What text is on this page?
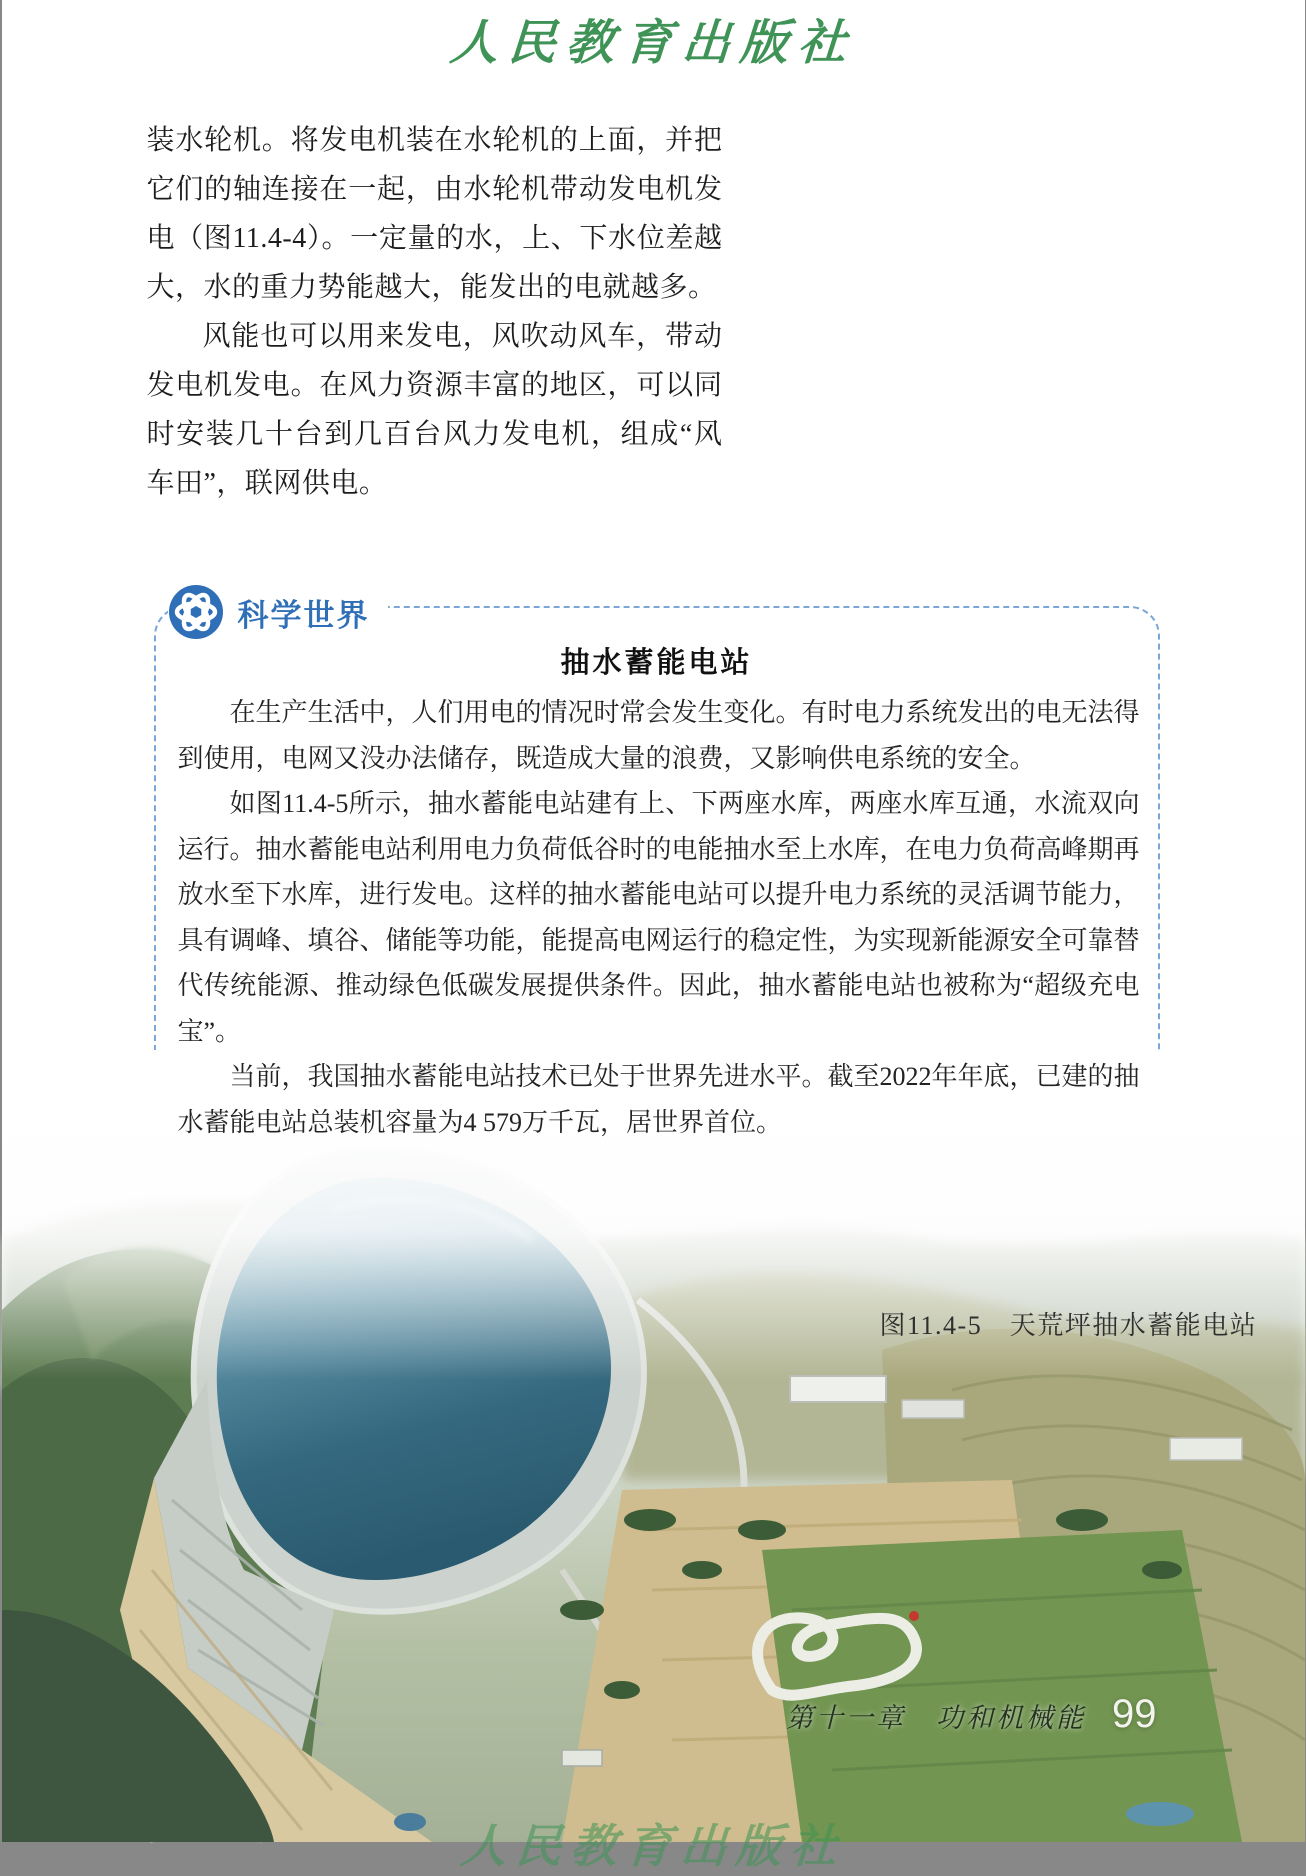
人民教育出版社

装水轮机。将发电机装在水轮机的上面，并把它们的轴连接在一起，由水轮机带动发电机发电（图11.4-4）。一定量的水，上、下水位差越大，水的重力势能越大，能发出的电就越多。

风能也可以用来发电，风吹动风车，带动发电机发电。在风力资源丰富的地区，可以同时安装几十台到几百台风力发电机，组成“风车田”，联网供电。

科学世界
抽水蓄能电站

在生产生活中，人们用电的情况时常会发生变化。有时电力系统发出的电无法得到使用，电网又没办法储存，既造成大量的浪费，又影响供电系统的安全。

如图11.4-5所示，抽水蓄能电站建有上、下两座水库，两座水库互通，水流双向运行。抽水蓄能电站利用电力负荷低谷时的电能抽水至上水库，在电力负荷高峰期再放水至下水库，进行发电。这样的抽水蓄能电站可以提升电力系统的灵活调节能力，具有调峰、填谷、储能等功能，能提高电网运行的稳定性，为实现新能源安全可靠替代传统能源、推动绿色低碳发展提供条件。因此，抽水蓄能电站也被称为“超级充电宝”。

当前，我国抽水蓄能电站技术已处于世界先进水平。截至2022年年底，已建的抽水蓄能电站总装机容量为4 579万千瓦，居世界首位。

图11.4-5　天荒坪抽水蓄能电站
第十一章　功和机械能 99
人民教育出版社
